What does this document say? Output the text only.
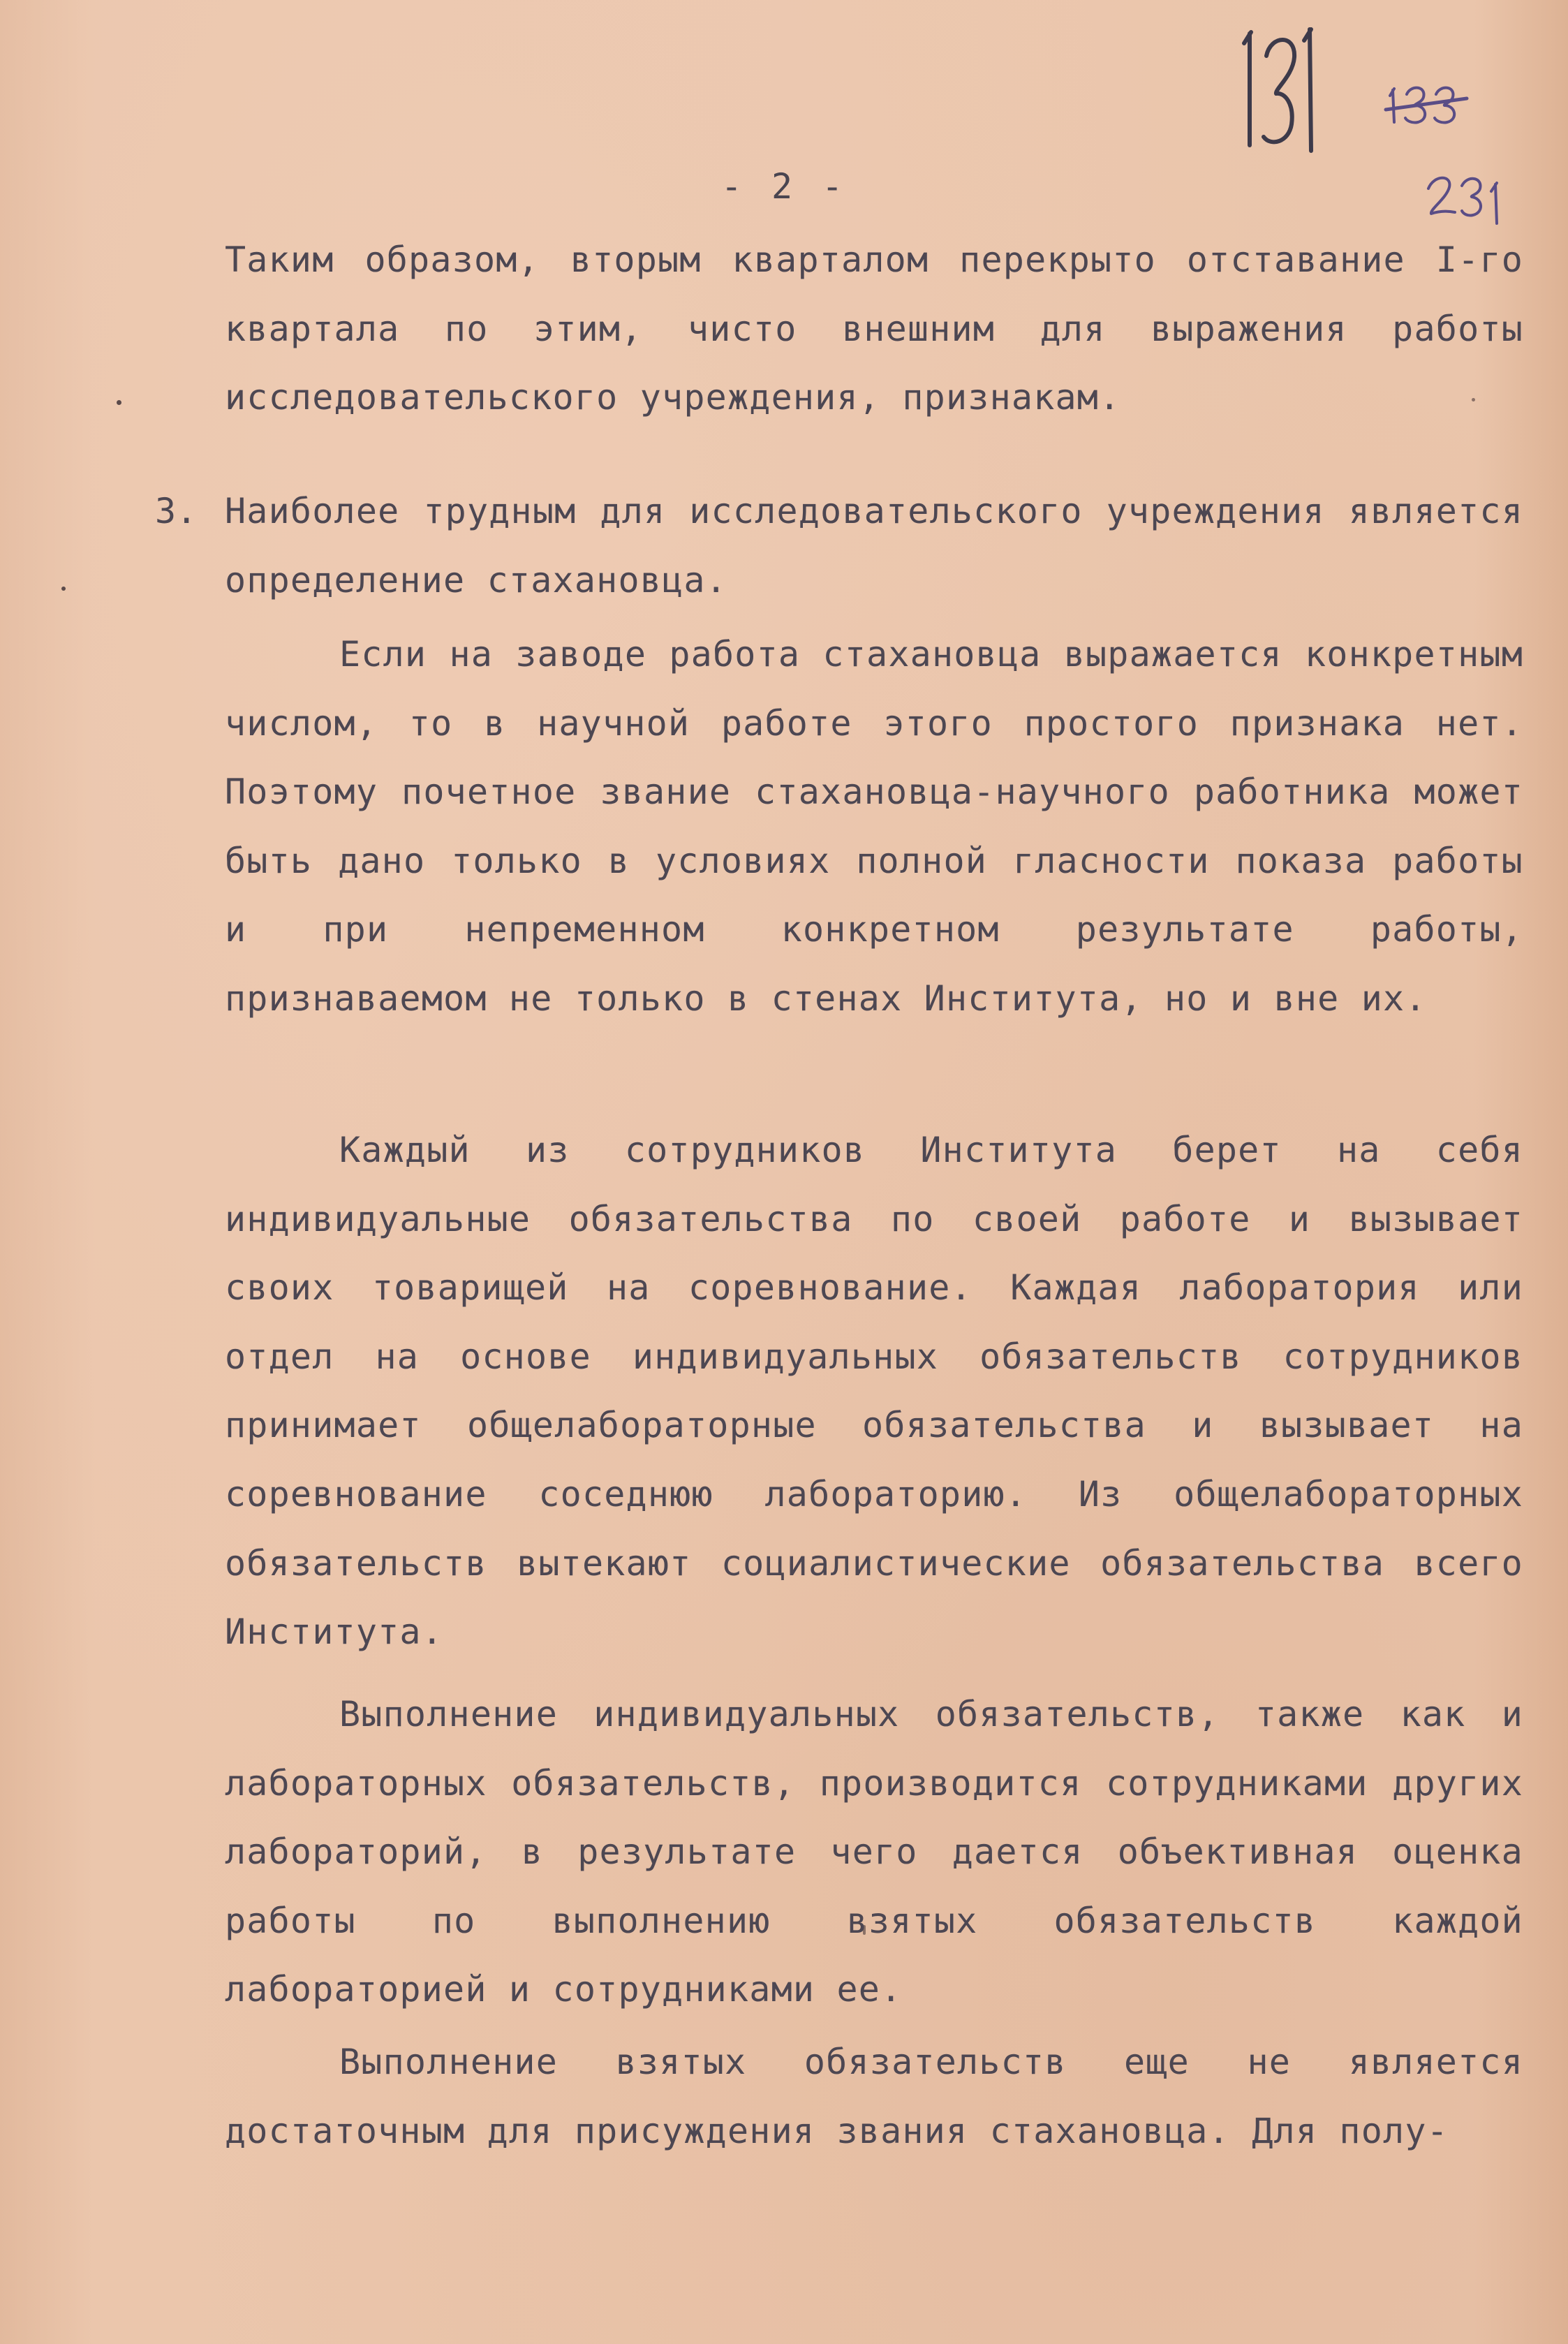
- 2 -

Таким образом, вторым кварталом перекрыто отставание I-го квартала по этим, чисто внешним для выражения работы исследовательского учреждения, признакам.

3. Наиболее трудным для исследовательского учреждения является определение стахановца.

Если на заводе работа стахановца выражается конкретным числом, то в научной работе этого простого признака нет. Поэтому почетное звание стахановца-научного работника может быть дано только в условиях полной гласности показа работы и при непременном конкретном результате работы, признаваемом не только в стенах Института, но и вне их.

Каждый из сотрудников Института берет на себя индивидуальные обязательства по своей работе и вызывает своих товарищей на соревнование. Каждая лаборатория или отдел на основе индивидуальных обязательств сотрудников принимает общелабораторные обязательства и вызывает на соревнование соседнюю лабораторию. Из общелабораторных обязательств вытекают социалистические обязательства всего Института.

Выполнение индивидуальных обязательств, также как и лабораторных обязательств, производится сотрудниками других лабораторий, в результате чего дается объективная оценка работы по выполнению взятых обязательств каждой лабораторией и сотрудниками ее.

Выполнение взятых обязательств еще не является достаточным для присуждения звания стахановца. Для полу-
